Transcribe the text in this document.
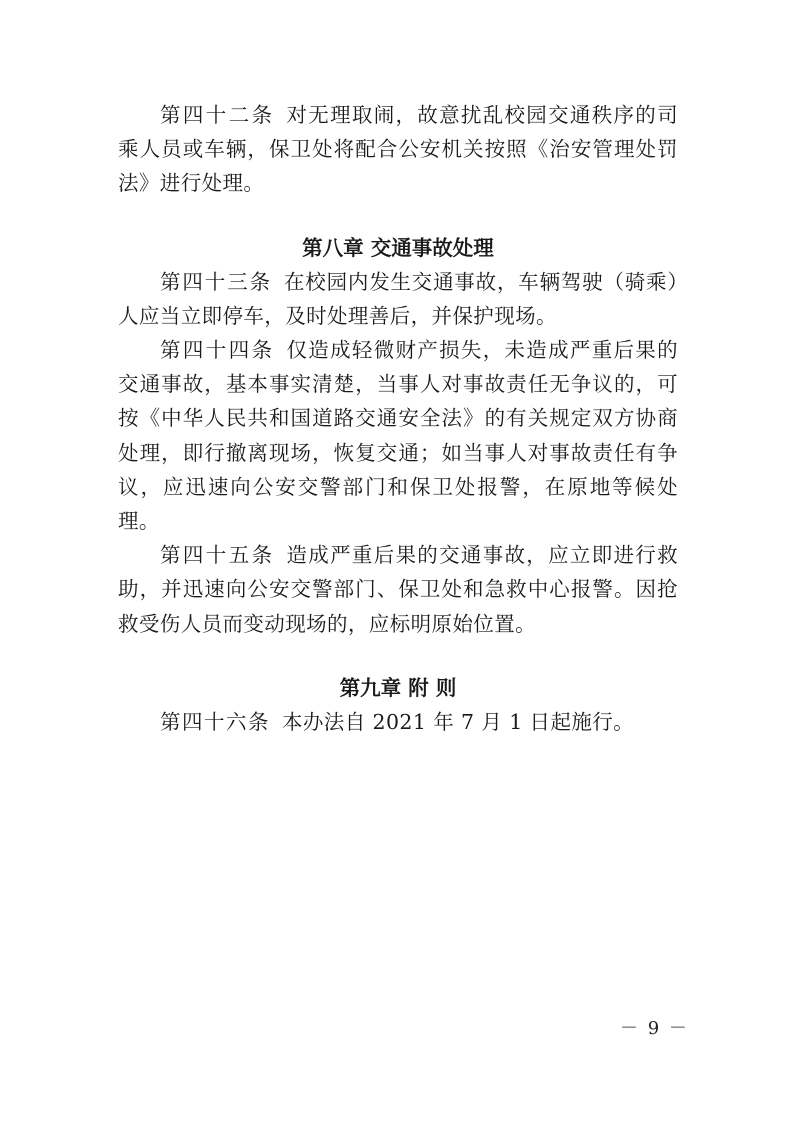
第四十二条 对无理取闹，故意扰乱校园交通秩序的司乘人员或车辆，保卫处将配合公安机关按照《治安管理处罚法》进行处理。

第八章 交通事故处理

第四十三条 在校园内发生交通事故，车辆驾驶（骑乘）人应当立即停车，及时处理善后，并保护现场。

第四十四条 仅造成轻微财产损失，未造成严重后果的交通事故，基本事实清楚，当事人对事故责任无争议的，可按《中华人民共和国道路交通安全法》的有关规定双方协商处理，即行撤离现场，恢复交通；如当事人对事故责任有争议，应迅速向公安交警部门和保卫处报警，在原地等候处理。

第四十五条 造成严重后果的交通事故，应立即进行救助，并迅速向公安交警部门、保卫处和急救中心报警。因抢救受伤人员而变动现场的，应标明原始位置。

第九章 附 则

第四十六条 本办法自 2021 年 7 月 1 日起施行。

－ 9 －
